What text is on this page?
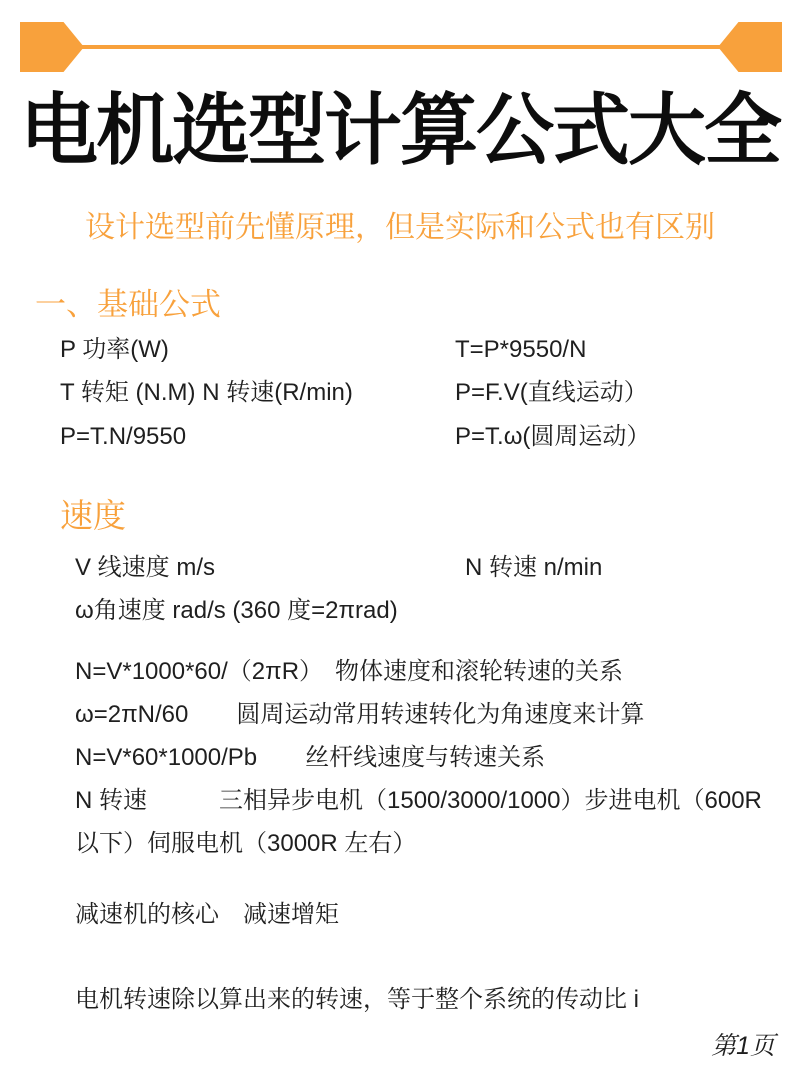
电机选型计算公式大全
设计选型前先懂原理，但是实际和公式也有区别
一、基础公式
P 功率(W)	T=P*9550/N
T 转矩 (N.M) N 转速(R/min)	P=F.V(直线运动）
P=T.N/9550	P=T.ω(圆周运动）
速度
V 线速度 m/s	N 转速 n/min
ω角速度 rad/s (360 度=2πrad)
N=V*1000*60/（2πR）　物体速度和滚轮转速的关系
ω=2πN/60　　圆周运动常用转速转化为角速度来计算
N=V*60*1000/Pb　　丝杆线速度与转速关系
N 转速　　　三相异步电机（1500/3000/1000）步进电机（600R
以下）伺服电机（3000R 左右）
减速机的核心　减速增矩
电机转速除以算出来的转速，等于整个系统的传动比 i
第1页
